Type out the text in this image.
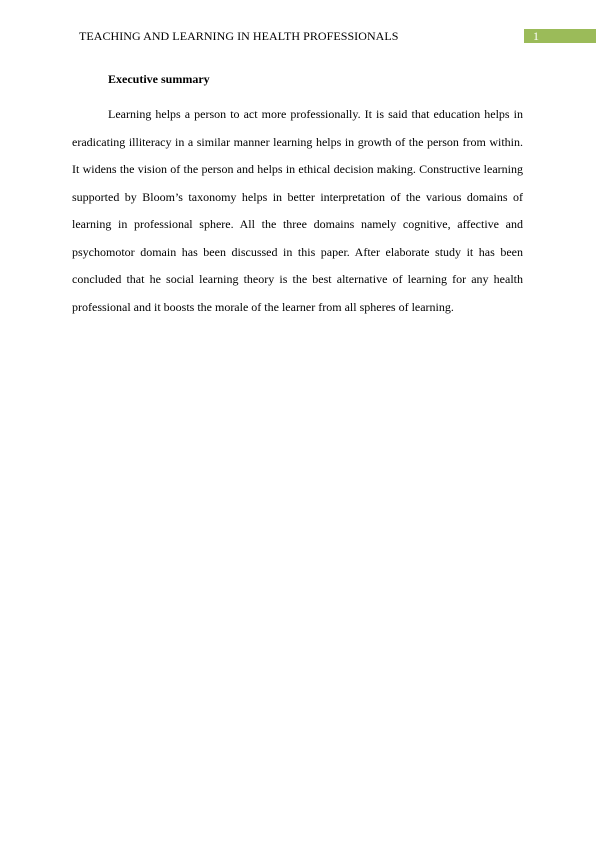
TEACHING AND LEARNING IN HEALTH PROFESSIONALS	1
Executive summary

Learning helps a person to act more professionally. It is said that education helps in eradicating illiteracy in a similar manner learning helps in growth of the person from within. It widens the vision of the person and helps in ethical decision making. Constructive learning supported by Bloom’s taxonomy helps in better interpretation of the various domains of learning in professional sphere. All the three domains namely cognitive, affective and psychomotor domain has been discussed in this paper. After elaborate study it has been concluded that he social learning theory is the best alternative of learning for any health professional and it boosts the morale of the learner from all spheres of learning.
